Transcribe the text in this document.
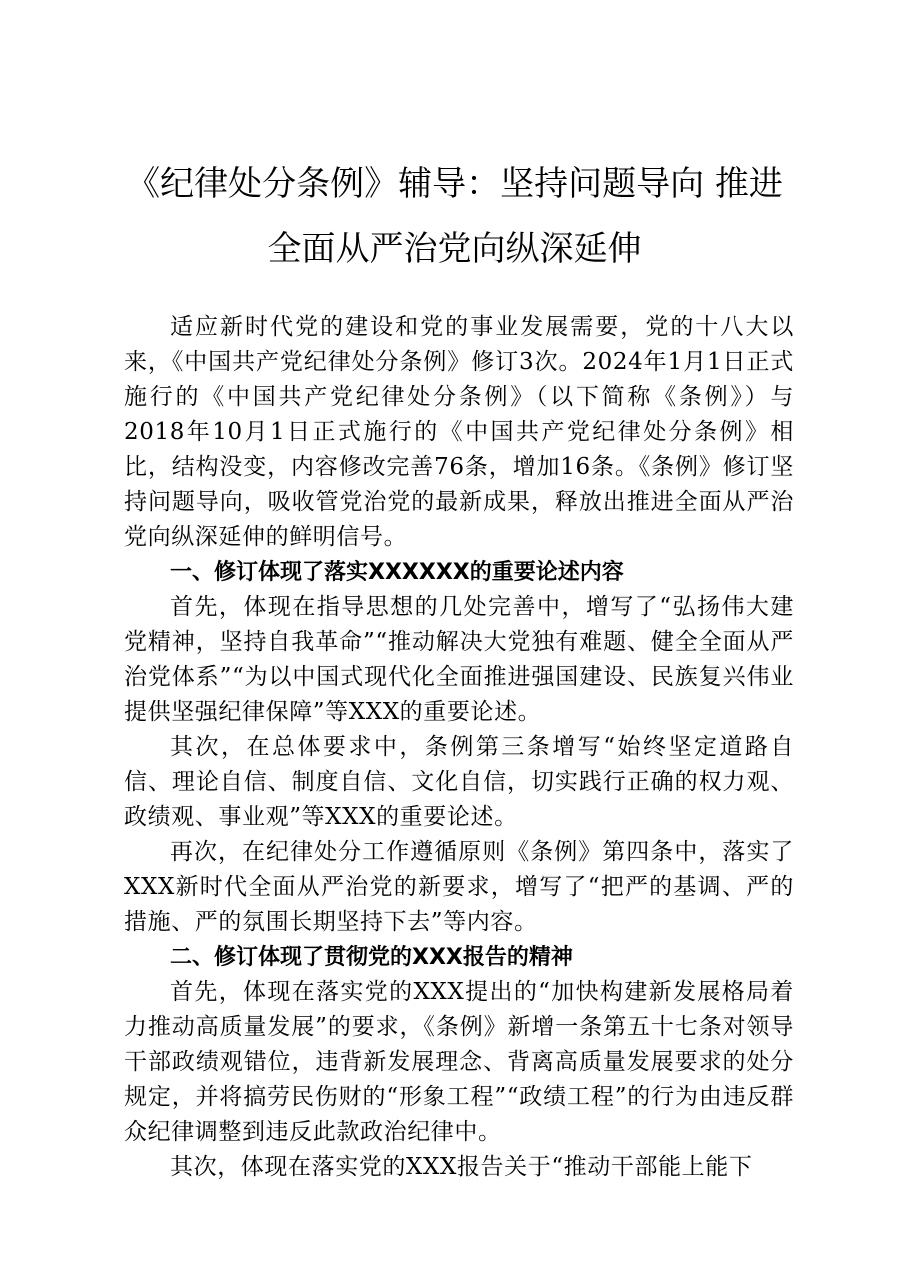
《纪律处分条例》辅导：坚持问题导向 推进
全面从严治党向纵深延伸

适应新时代党的建设和党的事业发展需要，党的十八大以来，《中国共产党纪律处分条例》修订3次。2024年1月1日正式施行的《中国共产党纪律处分条例》（以下简称《条例》）与2018年10月1日正式施行的《中国共产党纪律处分条例》相比，结构没变，内容修改完善76条，增加16条。《条例》修订坚持问题导向，吸收管党治党的最新成果，释放出推进全面从严治党向纵深延伸的鲜明信号。

一、修订体现了落实XXXXXX的重要论述内容

首先，体现在指导思想的几处完善中，增写了“弘扬伟大建党精神，坚持自我革命”“推动解决大党独有难题、健全全面从严治党体系”“为以中国式现代化全面推进强国建设、民族复兴伟业提供坚强纪律保障”等XXX的重要论述。

其次，在总体要求中，条例第三条增写“始终坚定道路自信、理论自信、制度自信、文化自信，切实践行正确的权力观、政绩观、事业观”等XXX的重要论述。

再次，在纪律处分工作遵循原则《条例》第四条中，落实了XXX新时代全面从严治党的新要求，增写了“把严的基调、严的措施、严的氛围长期坚持下去”等内容。

二、修订体现了贯彻党的XXX报告的精神

首先，体现在落实党的XXX提出的“加快构建新发展格局着力推动高质量发展”的要求，《条例》新增一条第五十七条对领导干部政绩观错位，违背新发展理念、背离高质量发展要求的处分规定，并将搞劳民伤财的“形象工程”“政绩工程”的行为由违反群众纪律调整到违反此款政治纪律中。

其次，体现在落实党的XXX报告关于“推动干部能上能下
